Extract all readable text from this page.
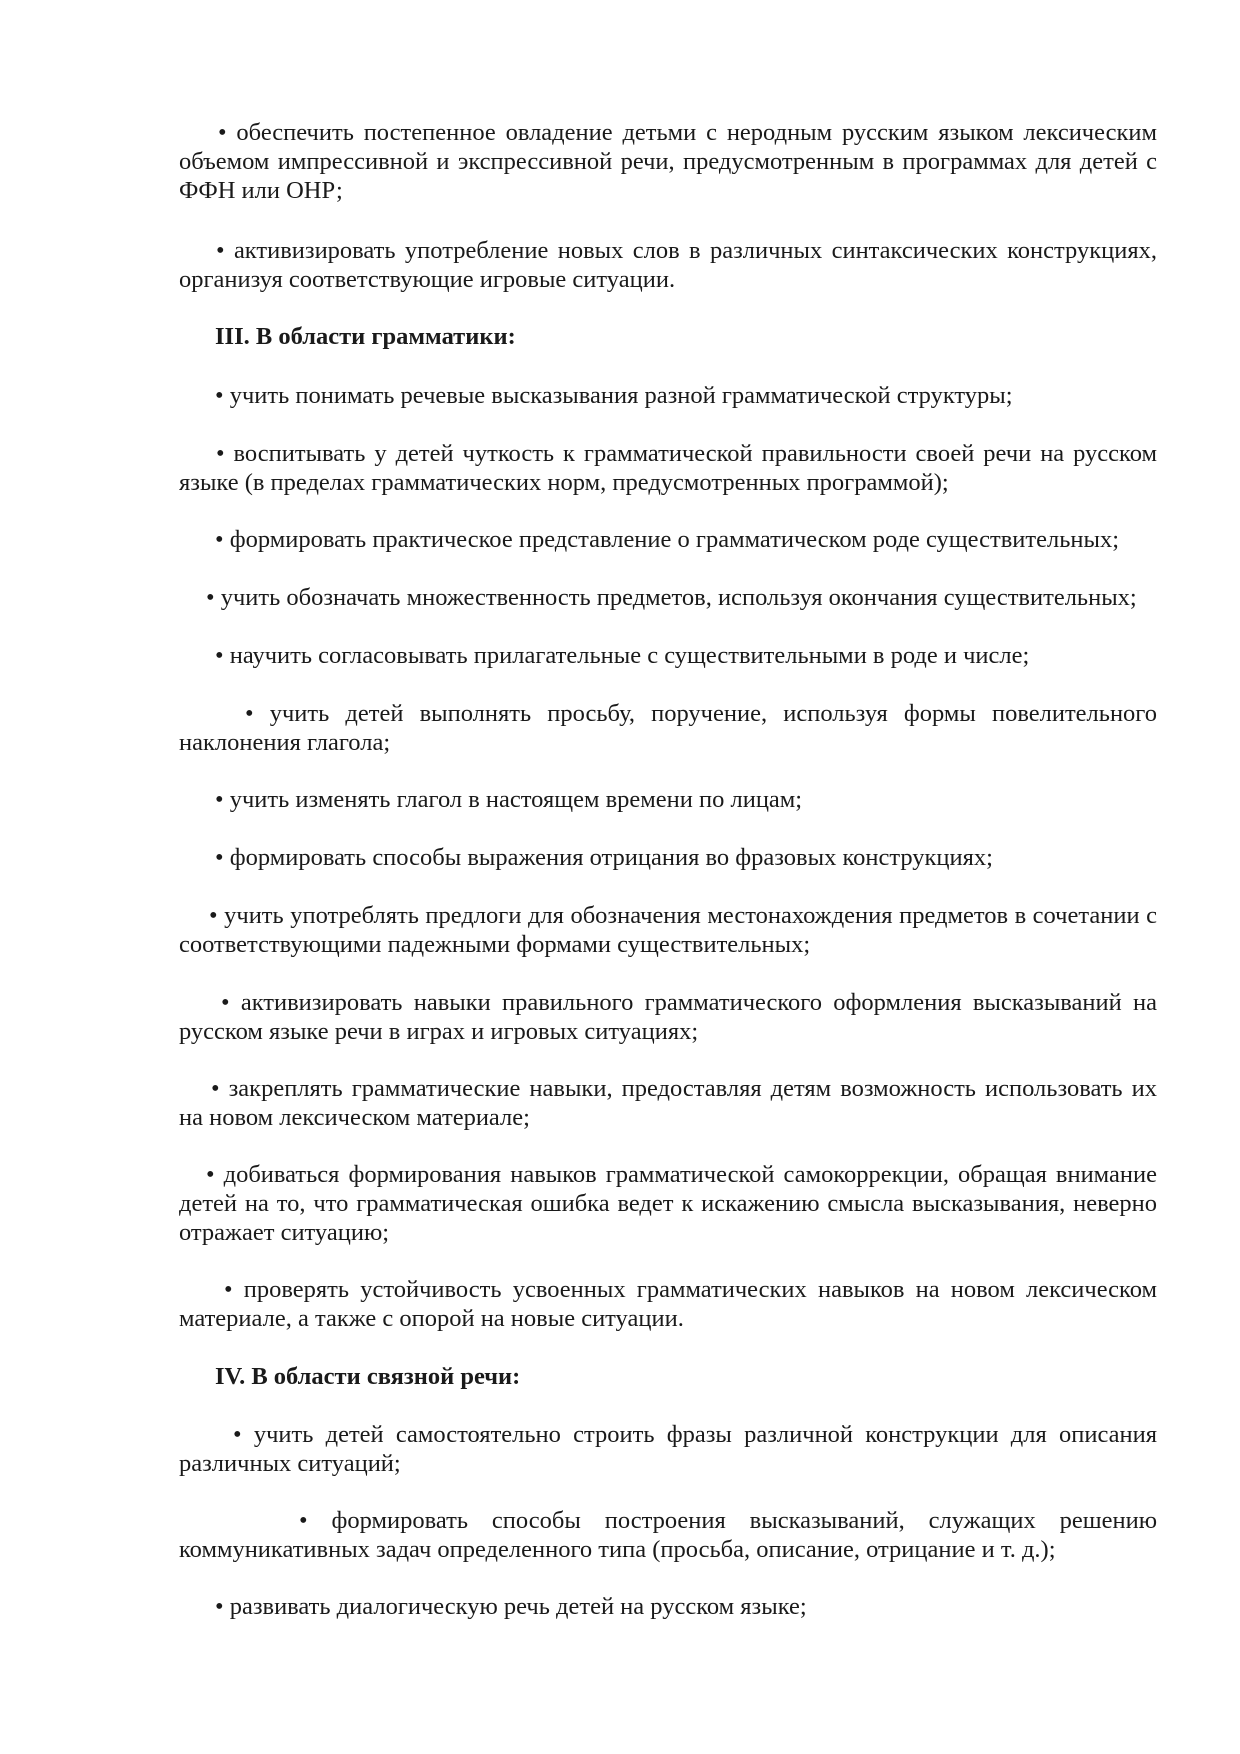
• обеспечить постепенное овладение детьми с неродным русским языком лексическим объемом импрессивной и экспрессивной речи, предусмотренным в программах для детей с ФФН или ОНР;

• активизировать употребление новых слов в различных синтаксических конструкциях, организуя соответствующие игровые ситуации.

III. В области грамматики:

• учить понимать речевые высказывания разной грамматической структуры;

• воспитывать у детей чуткость к грамматической правильности своей речи на русском языке (в пределах грамматических норм, предусмотренных программой);

• формировать практическое представление о грамматическом роде существительных;

• учить обозначать множественность предметов, используя окончания существительных;

• научить согласовывать прилагательные с существительными в роде и числе;

• учить детей выполнять просьбу, поручение, используя формы повелительного наклонения глагола;

• учить изменять глагол в настоящем времени по лицам;

• формировать способы выражения отрицания во фразовых конструкциях;

• учить употреблять предлоги для обозначения местонахождения предметов в сочетании с соответствующими падежными формами существительных;

• активизировать навыки правильного грамматического оформления высказываний на русском языке речи в играх и игровых ситуациях;

• закреплять грамматические навыки, предоставляя детям возможность использовать их на новом лексическом материале;

• добиваться формирования навыков грамматической самокоррекции, обращая внимание детей на то, что грамматическая ошибка ведет к искажению смысла высказывания, неверно отражает ситуацию;

• проверять устойчивость усвоенных грамматических навыков на новом лексическом материале, а также с опорой на новые ситуации.

IV. В области связной речи:

• учить детей самостоятельно строить фразы различной конструкции для описания различных ситуаций;

• формировать способы построения высказываний, служащих решению коммуникативных задач определенного типа (просьба, описание, отрицание и т. д.);

• развивать диалогическую речь детей на русском языке;
